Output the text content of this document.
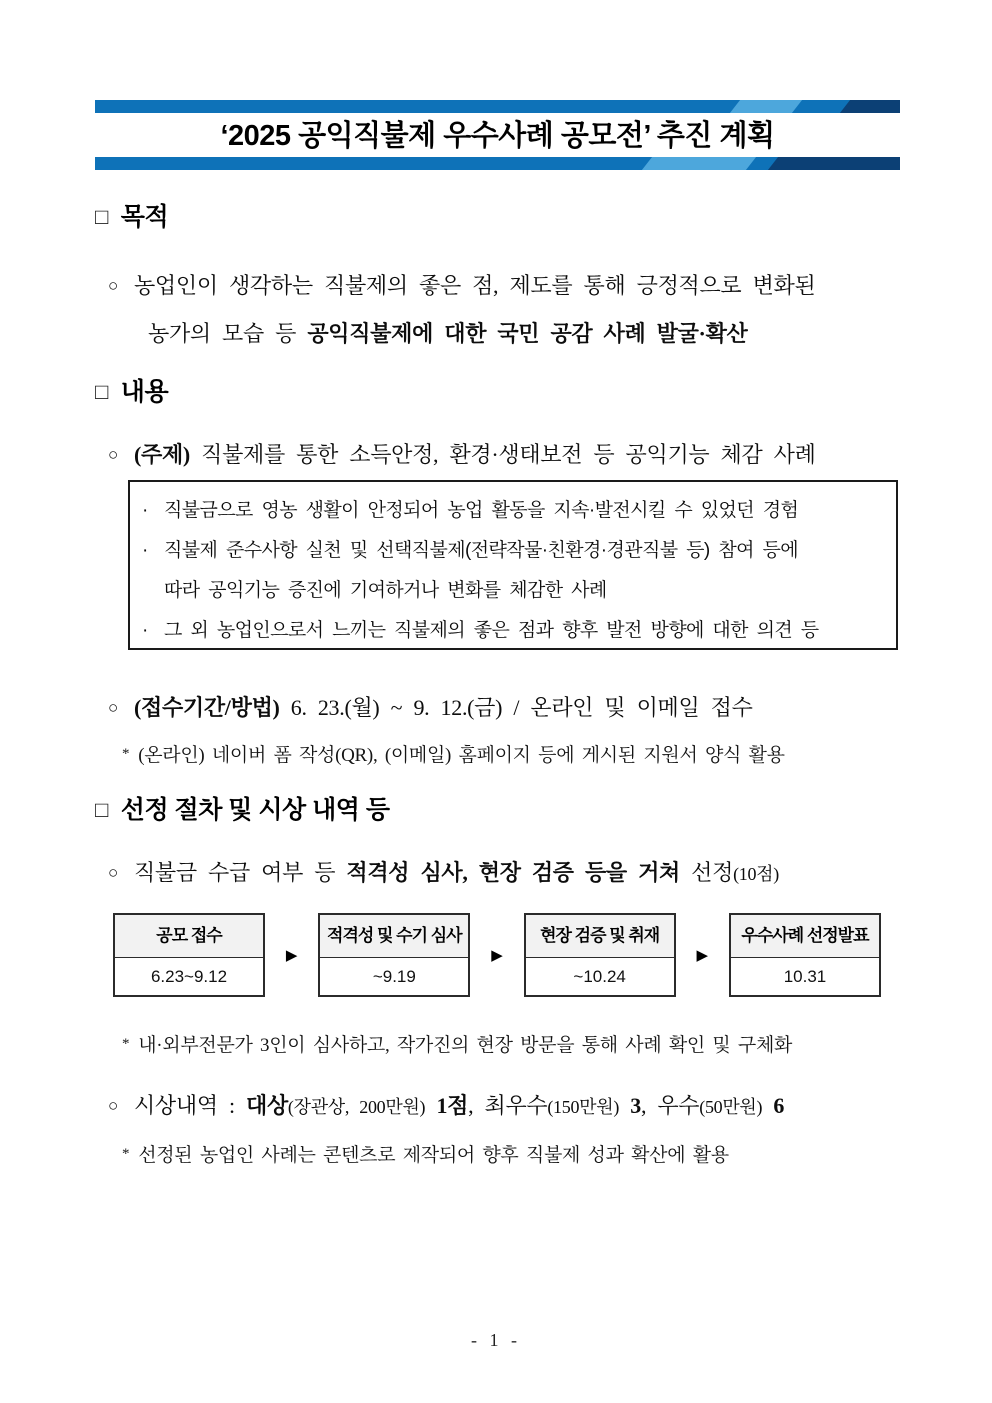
‘2025 공익직불제 우수사례 공모전’ 추진 계획
□ 목적
○ 농업인이 생각하는 직불제의 좋은 점, 제도를 통해 긍정적으로 변화된
농가의 모습 등 공익직불제에 대한 국민 공감 사례 발굴·확산
□ 내용
○ (주제) 직불제를 통한 소득안정, 환경·생태보전 등 공익기능 체감 사례
· 직불금으로 영농 생활이 안정되어 농업 활동을 지속·발전시킬 수 있었던 경험
· 직불제 준수사항 실천 및 선택직불제(전략작물·친환경·경관직불 등) 참여 등에
따라 공익기능 증진에 기여하거나 변화를 체감한 사례
· 그 외 농업인으로서 느끼는 직불제의 좋은 점과 향후 발전 방향에 대한 의견 등
○ (접수기간/방법) 6. 23.(월) ~ 9. 12.(금) / 온라인 및 이메일 접수
* (온라인) 네이버 폼 작성(QR), (이메일) 홈페이지 등에 게시된 지원서 양식 활용
□ 선정 절차 및 시상 내역 등
○ 직불금 수급 여부 등 적격성 심사, 현장 검증 등을 거쳐 선정(10점)
공모 접수
6.23~9.12
▶
적격성 및 수기 심사
~9.19
▶
현장 검증 및 취재
~10.24
▶
우수사례 선정발표
10.31
* 내·외부전문가 3인이 심사하고, 작가진의 현장 방문을 통해 사례 확인 및 구체화
○ 시상내역 : 대상(장관상, 200만원) 1점, 최우수(150만원) 3, 우수(50만원) 6
* 선정된 농업인 사례는 콘텐츠로 제작되어 향후 직불제 성과 확산에 활용
- 1 -
